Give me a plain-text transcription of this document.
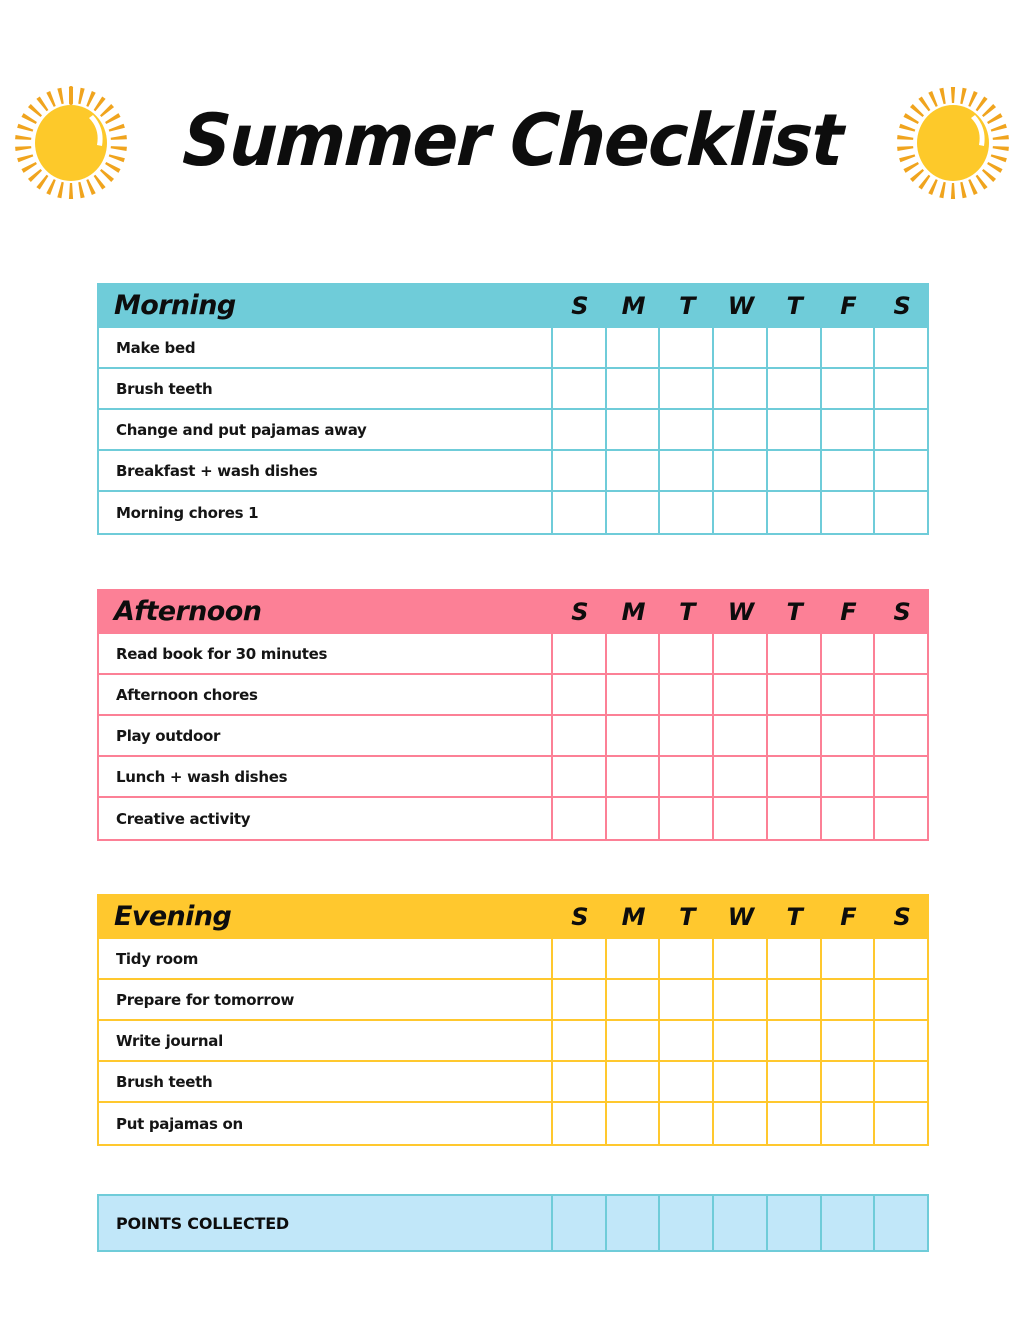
Summer Checklist
Morning	S	M	T	W	T	F	S
Make bed
Brush teeth
Change and put pajamas away
Breakfast + wash dishes
Morning chores 1
Afternoon	S	M	T	W	T	F	S
Read book for 30 minutes
Afternoon chores
Play outdoor
Lunch + wash dishes
Creative activity
Evening	S	M	T	W	T	F	S
Tidy room
Prepare for tomorrow
Write journal
Brush teeth
Put pajamas on
POINTS COLLECTED
